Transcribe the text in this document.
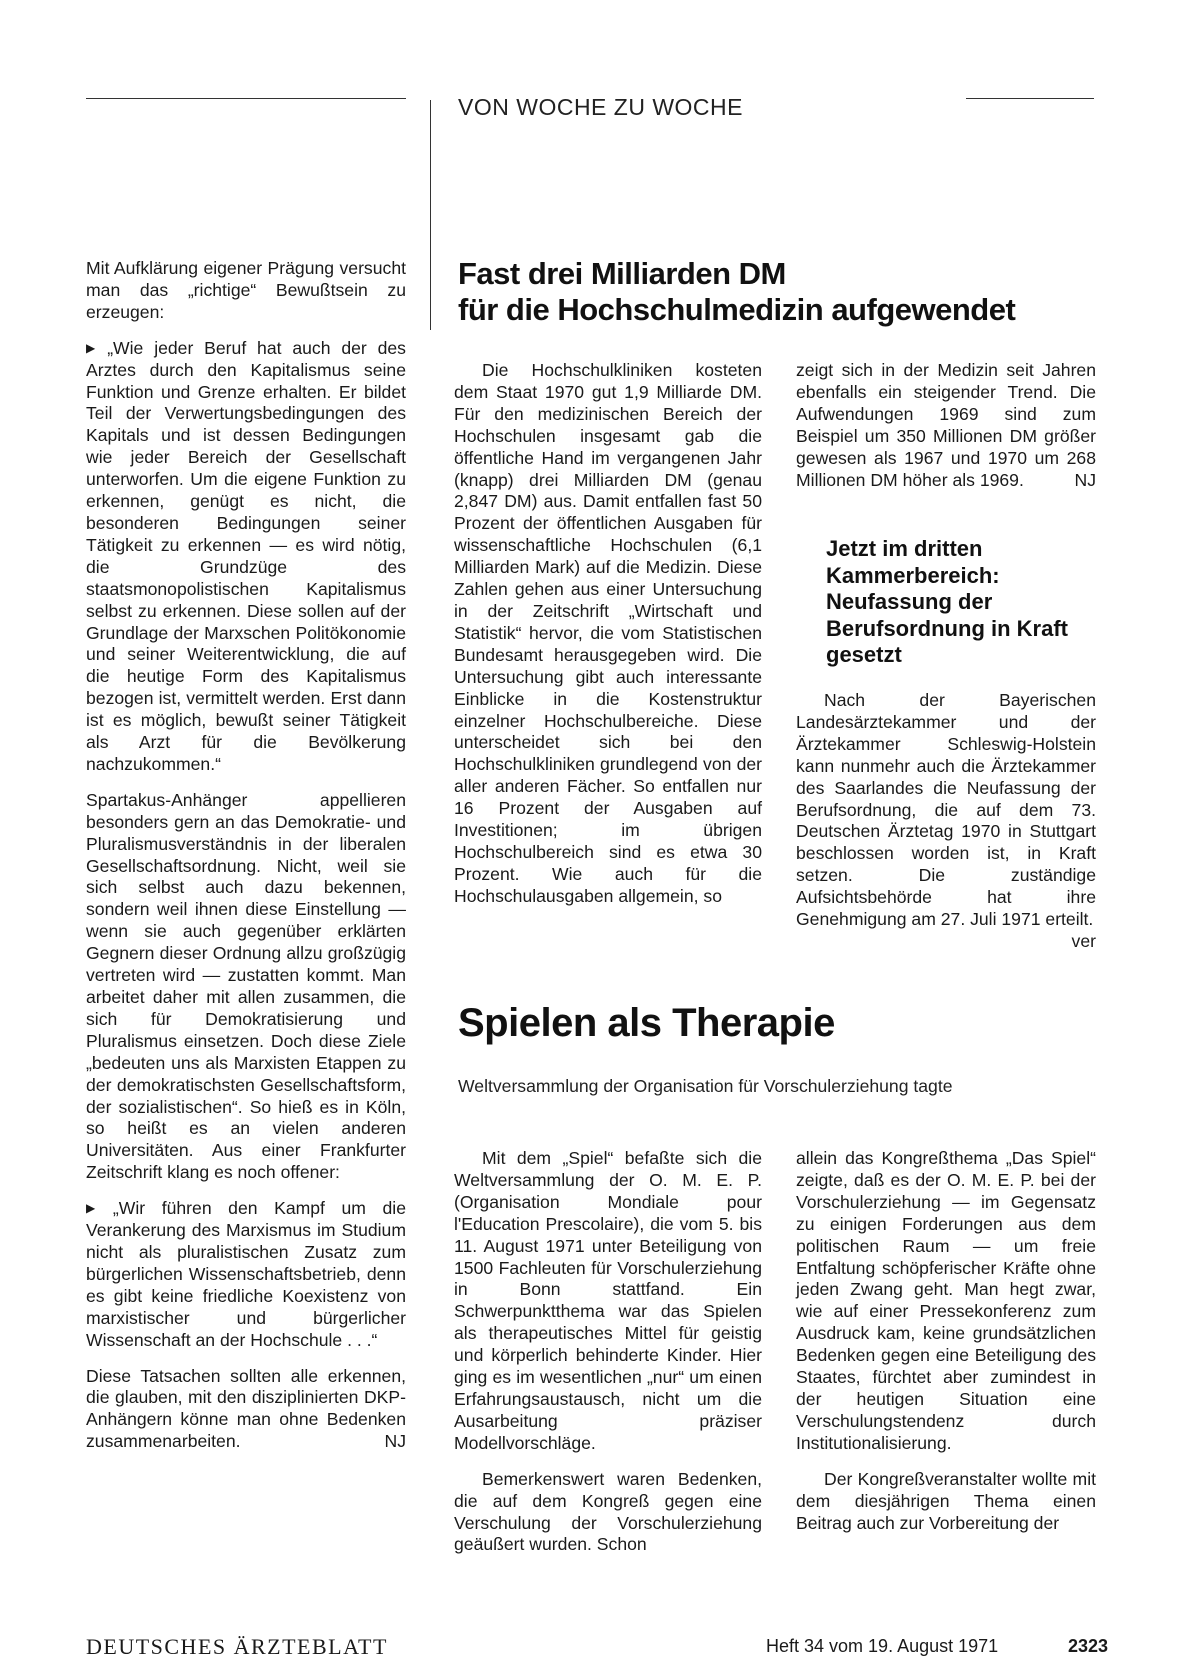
VON WOCHE ZU WOCHE

Mit Aufklärung eigener Prägung versucht man das „richtige“ Bewußtsein zu erzeugen:

▶ „Wie jeder Beruf hat auch der des Arztes durch den Kapitalismus seine Funktion und Grenze erhalten. Er bildet Teil der Verwertungsbedingungen des Kapitals und ist dessen Bedingungen wie jeder Bereich der Gesellschaft unterworfen. Um die eigene Funktion zu erkennen, genügt es nicht, die besonderen Bedingungen seiner Tätigkeit zu erkennen — es wird nötig, die Grundzüge des staatsmonopolistischen Kapitalismus selbst zu erkennen. Diese sollen auf der Grundlage der Marxschen Politökonomie und seiner Weiterentwicklung, die auf die heutige Form des Kapitalismus bezogen ist, vermittelt werden. Erst dann ist es möglich, bewußt seiner Tätigkeit als Arzt für die Bevölkerung nachzukommen.“

Spartakus-Anhänger appellieren besonders gern an das Demokratie- und Pluralismusverständnis in der liberalen Gesellschaftsordnung. Nicht, weil sie sich selbst auch dazu bekennen, sondern weil ihnen diese Einstellung — wenn sie auch gegenüber erklärten Gegnern dieser Ordnung allzu großzügig vertreten wird — zustatten kommt. Man arbeitet daher mit allen zusammen, die sich für Demokratisierung und Pluralismus einsetzen. Doch diese Ziele „bedeuten uns als Marxisten Etappen zu der demokratischsten Gesellschaftsform, der sozialistischen“. So hieß es in Köln, so heißt es an vielen anderen Universitäten. Aus einer Frankfurter Zeitschrift klang es noch offener:

▶ „Wir führen den Kampf um die Verankerung des Marxismus im Studium nicht als pluralistischen Zusatz zum bürgerlichen Wissenschaftsbetrieb, denn es gibt keine friedliche Koexistenz von marxistischer und bürgerlicher Wissenschaft an der Hochschule . . .“

Diese Tatsachen sollten alle erkennen, die glauben, mit den disziplinierten DKP-Anhängern könne man ohne Bedenken zusammenarbeiten.	NJ

Fast drei Milliarden DM
für die Hochschulmedizin aufgewendet

Die Hochschulkliniken kosteten dem Staat 1970 gut 1,9 Milliarde DM. Für den medizinischen Bereich der Hochschulen insgesamt gab die öffentliche Hand im vergangenen Jahr (knapp) drei Milliarden DM (genau 2,847 DM) aus. Damit entfallen fast 50 Prozent der öffentlichen Ausgaben für wissenschaftliche Hochschulen (6,1 Milliarden Mark) auf die Medizin. Diese Zahlen gehen aus einer Untersuchung in der Zeitschrift „Wirtschaft und Statistik“ hervor, die vom Statistischen Bundesamt herausgegeben wird. Die Untersuchung gibt auch interessante Einblicke in die Kostenstruktur einzelner Hochschulbereiche. Diese unterscheidet sich bei den Hochschulkliniken grundlegend von der aller anderen Fächer. So entfallen nur 16 Prozent der Ausgaben auf Investitionen; im übrigen Hochschulbereich sind es etwa 30 Prozent. Wie auch für die Hochschulausgaben allgemein, so

zeigt sich in der Medizin seit Jahren ebenfalls ein steigender Trend. Die Aufwendungen 1969 sind zum Beispiel um 350 Millionen DM größer gewesen als 1967 und 1970 um 268 Millionen DM höher als 1969.	NJ

Jetzt im dritten Kammerbereich: Neufassung der Berufsordnung in Kraft gesetzt

Nach der Bayerischen Landesärztekammer und der Ärztekammer Schleswig-Holstein kann nunmehr auch die Ärztekammer des Saarlandes die Neufassung der Berufsordnung, die auf dem 73. Deutschen Ärztetag 1970 in Stuttgart beschlossen worden ist, in Kraft setzen. Die zuständige Aufsichtsbehörde hat ihre Genehmigung am 27. Juli 1971 erteilt.
ver

Spielen als Therapie
Weltversammlung der Organisation für Vorschulerziehung tagte

Mit dem „Spiel“ befaßte sich die Weltversammlung der O. M. E. P. (Organisation Mondiale pour l'Education Prescolaire), die vom 5. bis 11. August 1971 unter Beteiligung von 1500 Fachleuten für Vorschulerziehung in Bonn stattfand. Ein Schwerpunktthema war das Spielen als therapeutisches Mittel für geistig und körperlich behinderte Kinder. Hier ging es im wesentlichen „nur“ um einen Erfahrungsaustausch, nicht um die Ausarbeitung präziser Modellvorschläge.

Bemerkenswert waren Bedenken, die auf dem Kongreß gegen eine Verschulung der Vorschulerziehung geäußert wurden. Schon

allein das Kongreßthema „Das Spiel“ zeigte, daß es der O. M. E. P. bei der Vorschulerziehung — im Gegensatz zu einigen Forderungen aus dem politischen Raum — um freie Entfaltung schöpferischer Kräfte ohne jeden Zwang geht. Man hegt zwar, wie auf einer Pressekonferenz zum Ausdruck kam, keine grundsätzlichen Bedenken gegen eine Beteiligung des Staates, fürchtet aber zumindest in der heutigen Situation eine Verschulungstendenz durch Institutionalisierung.

Der Kongreßveranstalter wollte mit dem diesjährigen Thema einen Beitrag auch zur Vorbereitung der

DEUTSCHES ÄRZTEBLATT	Heft 34 vom 19. August 1971	2323
